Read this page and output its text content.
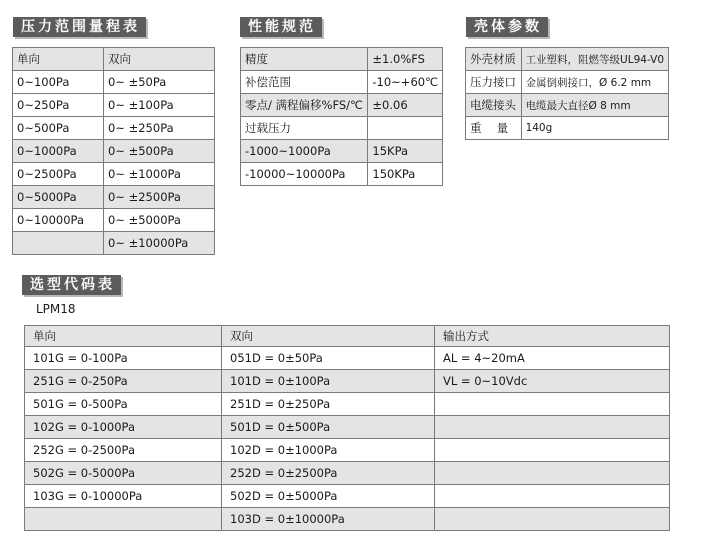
压力范围量程表	性能规范	壳体参数
选型代码表
单向	双向
0~100Pa	0~ ±50Pa
0~250Pa	0~ ±100Pa
0~500Pa	0~ ±250Pa
0~1000Pa	0~ ±500Pa
0~2500Pa	0~ ±1000Pa
0~5000Pa	0~ ±2500Pa
0~10000Pa	0~ ±5000Pa
	0~ ±10000Pa
精度	±1.0%FS
补偿范围	-10~+60℃
零点/ 满程偏移%FS/℃	±0.06
过载压力	
-1000~1000Pa	15KPa
-10000~10000Pa	150KPa
外壳材质	工业塑料，阻燃等级UL94-V0
压力接口	金属倒刺接口，Ø 6.2 mm
电缆接头	电缆最大直径Ø 8 mm
重　 量	140g
LPM18
单向	双向	输出方式
101G = 0-100Pa	051D = 0±50Pa	AL = 4~20mA
251G = 0-250Pa	101D = 0±100Pa	VL = 0~10Vdc
501G = 0-500Pa	251D = 0±250Pa	
102G = 0-1000Pa	501D = 0±500Pa	
252G = 0-2500Pa	102D = 0±1000Pa	
502G = 0-5000Pa	252D = 0±2500Pa	
103G = 0-10000Pa	502D = 0±5000Pa	
	103D = 0±10000Pa	
